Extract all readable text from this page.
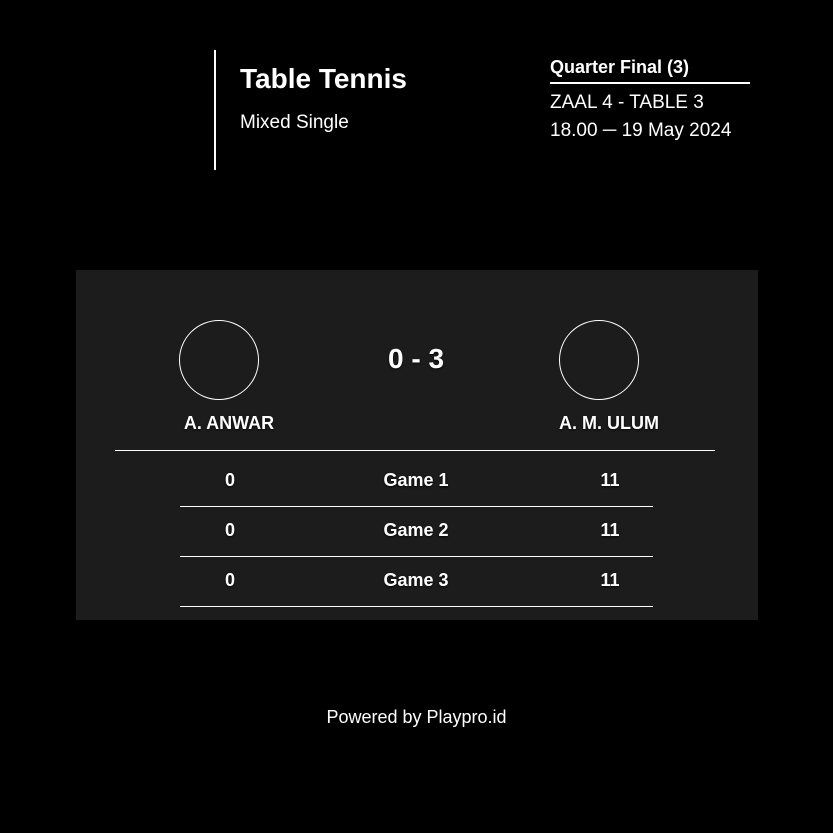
Table Tennis
Mixed Single
Quarter Final (3)
ZAAL 4 - TABLE 3
18.00 ─ 19 May 2024
0 - 3
A. ANWAR	A. M. ULUM
0	Game 1	11
0	Game 2	11
0	Game 3	11
Powered by Playpro.id
